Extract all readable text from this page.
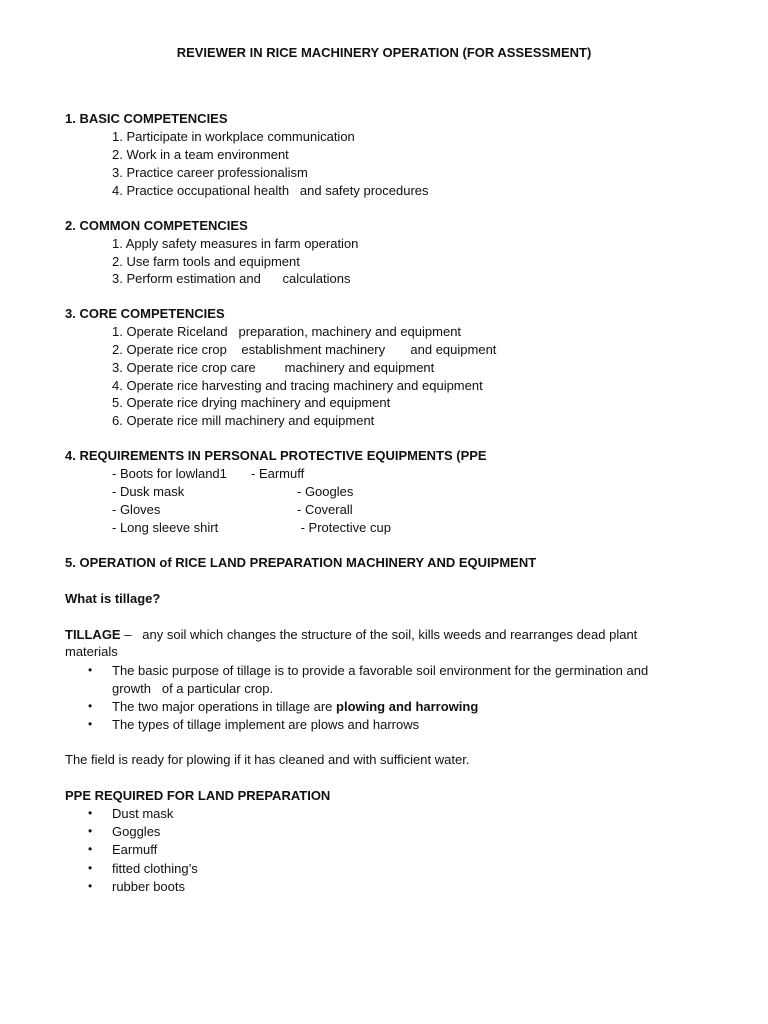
REVIEWER IN RICE MACHINERY OPERATION (FOR ASSESSMENT)
1. BASIC COMPETENCIES
1. Participate in workplace communication
2. Work in a team environment
3. Practice career professionalism
4. Practice occupational health   and safety procedures
2. COMMON COMPETENCIES
1. Apply safety measures in farm operation
2. Use farm tools and equipment
3. Perform estimation and      calculations
3. CORE COMPETENCIES
1. Operate Riceland   preparation, machinery and equipment
2. Operate rice crop    establishment machinery       and equipment
3. Operate rice crop care        machinery and equipment
4. Operate rice harvesting and tracing machinery and equipment
5. Operate rice drying machinery and equipment
6. Operate rice mill machinery and equipment
4. REQUIREMENTS IN PERSONAL PROTECTIVE EQUIPMENTS (PPE
- Boots for lowland1 - Earmuff
- Dusk mask	- Googles
- Gloves	- Coverall
- Long sleeve shirt	- Protective cup
5. OPERATION of RICE LAND PREPARATION MACHINERY AND EQUIPMENT
What is tillage?
TILLAGE –   any soil which changes the structure of the soil, kills weeds and rearranges dead plant
materials
• The basic purpose of tillage is to provide a favorable soil environment for the germination and
growth   of a particular crop.
• The two major operations in tillage are plowing and harrowing
• The types of tillage implement are plows and harrows
The field is ready for plowing if it has cleaned and with sufficient water.
PPE REQUIRED FOR LAND PREPARATION
• Dust mask
• Goggles
• Earmuff
• fitted clothing’s
• rubber boots
